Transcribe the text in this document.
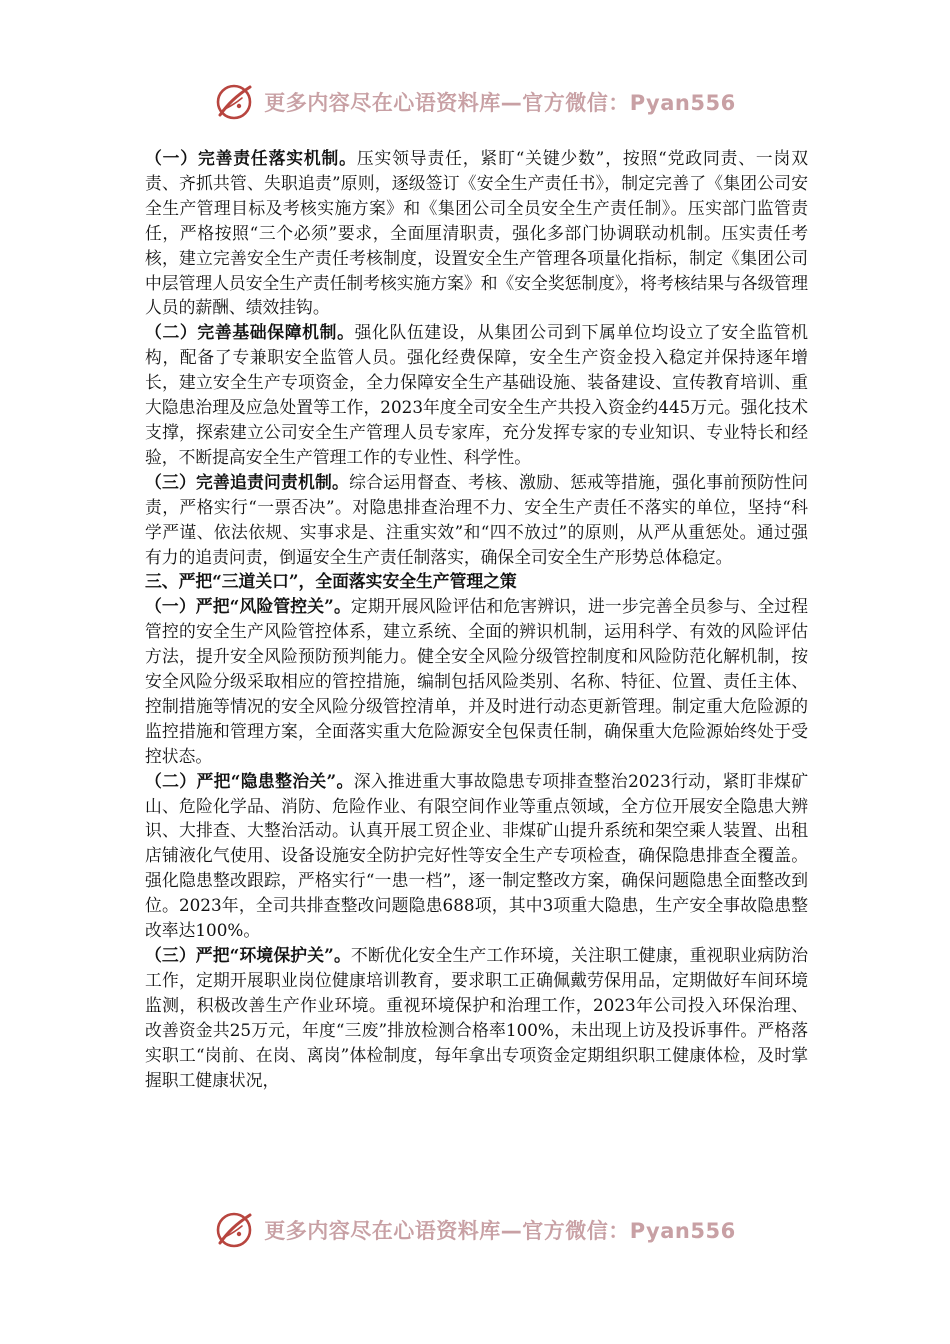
更多内容尽在心语资料库—官方微信：Pyan556

（一）完善责任落实机制。压实领导责任，紧盯“关键少数”，按照“党政同责、一岗双责、齐抓共管、失职追责”原则，逐级签订《安全生产责任书》，制定完善了《集团公司安全生产管理目标及考核实施方案》和《集团公司全员安全生产责任制》。压实部门监管责任，严格按照“三个必须”要求，全面厘清职责，强化多部门协调联动机制。压实责任考核，建立完善安全生产责任考核制度，设置安全生产管理各项量化指标，制定《集团公司中层管理人员安全生产责任制考核实施方案》和《安全奖惩制度》，将考核结果与各级管理人员的薪酬、绩效挂钩。

（二）完善基础保障机制。强化队伍建设，从集团公司到下属单位均设立了安全监管机构，配备了专兼职安全监管人员。强化经费保障，安全生产资金投入稳定并保持逐年增长，建立安全生产专项资金，全力保障安全生产基础设施、装备建设、宣传教育培训、重大隐患治理及应急处置等工作，2023年度全司安全生产共投入资金约445万元。强化技术支撑，探索建立公司安全生产管理人员专家库，充分发挥专家的专业知识、专业特长和经验，不断提高安全生产管理工作的专业性、科学性。

（三）完善追责问责机制。综合运用督查、考核、激励、惩戒等措施，强化事前预防性问责，严格实行“一票否决”。对隐患排查治理不力、安全生产责任不落实的单位，坚持“科学严谨、依法依规、实事求是、注重实效”和“四不放过”的原则，从严从重惩处。通过强有力的追责问责，倒逼安全生产责任制落实，确保全司安全生产形势总体稳定。

三、严把“三道关口”，全面落实安全生产管理之策

（一）严把“风险管控关”。定期开展风险评估和危害辨识，进一步完善全员参与、全过程管控的安全生产风险管控体系，建立系统、全面的辨识机制，运用科学、有效的风险评估方法，提升安全风险预防预判能力。健全安全风险分级管控制度和风险防范化解机制，按安全风险分级采取相应的管控措施，编制包括风险类别、名称、特征、位置、责任主体、控制措施等情况的安全风险分级管控清单，并及时进行动态更新管理。制定重大危险源的监控措施和管理方案，全面落实重大危险源安全包保责任制，确保重大危险源始终处于受控状态。

（二）严把“隐患整治关”。深入推进重大事故隐患专项排查整治2023行动，紧盯非煤矿山、危险化学品、消防、危险作业、有限空间作业等重点领域，全方位开展安全隐患大辨识、大排查、大整治活动。认真开展工贸企业、非煤矿山提升系统和架空乘人装置、出租店铺液化气使用、设备设施安全防护完好性等安全生产专项检查，确保隐患排查全覆盖。强化隐患整改跟踪，严格实行“一患一档”，逐一制定整改方案，确保问题隐患全面整改到位。2023年，全司共排查整改问题隐患688项，其中3项重大隐患，生产安全事故隐患整改率达100%。

（三）严把“环境保护关”。不断优化安全生产工作环境，关注职工健康，重视职业病防治工作，定期开展职业岗位健康培训教育，要求职工正确佩戴劳保用品，定期做好车间环境监测，积极改善生产作业环境。重视环境保护和治理工作，2023年公司投入环保治理、改善资金共25万元，年度“三废”排放检测合格率100%，未出现上访及投诉事件。严格落实职工“岗前、在岗、离岗”体检制度，每年拿出专项资金定期组织职工健康体检，及时掌握职工健康状况，

更多内容尽在心语资料库—官方微信：Pyan556
